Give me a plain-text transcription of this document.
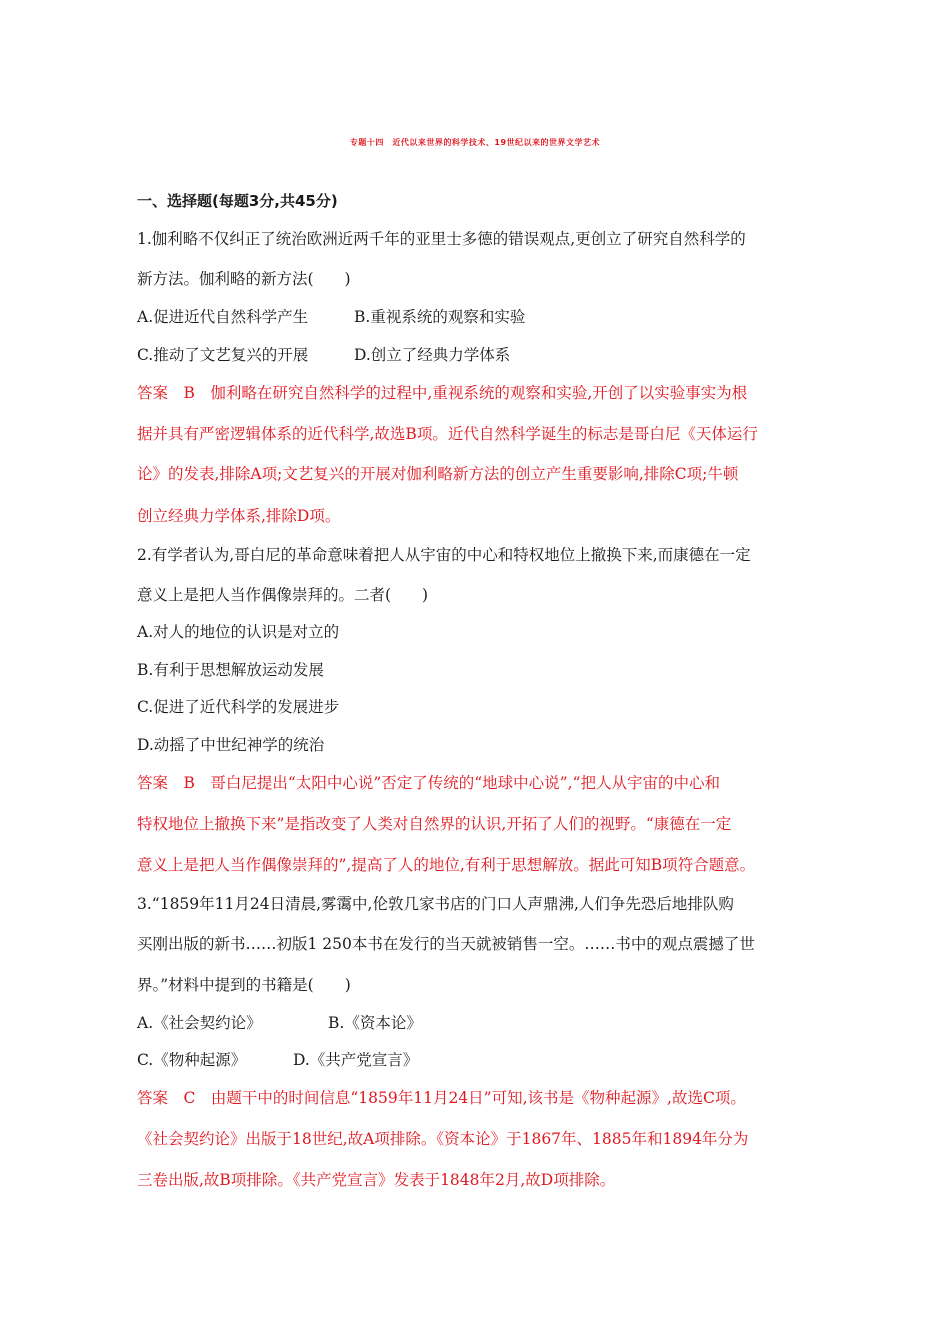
专题十四　近代以来世界的科学技术、19世纪以来的世界文学艺术
一、选择题(每题3分,共45分)
1.伽利略不仅纠正了统治欧洲近两千年的亚里士多德的错误观点,更创立了研究自然科学的
新方法。伽利略的新方法(　　)
A.促进近代自然科学产生	B.重视系统的观察和实验
C.推动了文艺复兴的开展	D.创立了经典力学体系
答案　B　伽利略在研究自然科学的过程中,重视系统的观察和实验,开创了以实验事实为根
据并具有严密逻辑体系的近代科学,故选B项。近代自然科学诞生的标志是哥白尼《天体运行
论》的发表,排除A项;文艺复兴的开展对伽利略新方法的创立产生重要影响,排除C项;牛顿
创立经典力学体系,排除D项。
2.有学者认为,哥白尼的革命意味着把人从宇宙的中心和特权地位上撤换下来,而康德在一定
意义上是把人当作偶像崇拜的。二者(　　)
A.对人的地位的认识是对立的
B.有利于思想解放运动发展
C.促进了近代科学的发展进步
D.动摇了中世纪神学的统治
答案　B　哥白尼提出“太阳中心说”否定了传统的“地球中心说”,“把人从宇宙的中心和
特权地位上撤换下来”是指改变了人类对自然界的认识,开拓了人们的视野。“康德在一定
意义上是把人当作偶像崇拜的”,提高了人的地位,有利于思想解放。据此可知B项符合题意。
3.“1859年11月24日清晨,雾霭中,伦敦几家书店的门口人声鼎沸,人们争先恐后地排队购
买刚出版的新书……初版1 250本书在发行的当天就被销售一空。……书中的观点震撼了世
界。”材料中提到的书籍是(　　)
A.《社会契约论》	B.《资本论》
C.《物种起源》	D.《共产党宣言》
答案　C　由题干中的时间信息“1859年11月24日”可知,该书是《物种起源》,故选C项。
《社会契约论》出版于18世纪,故A项排除。《资本论》于1867年、1885年和1894年分为
三卷出版,故B项排除。《共产党宣言》发表于1848年2月,故D项排除。
